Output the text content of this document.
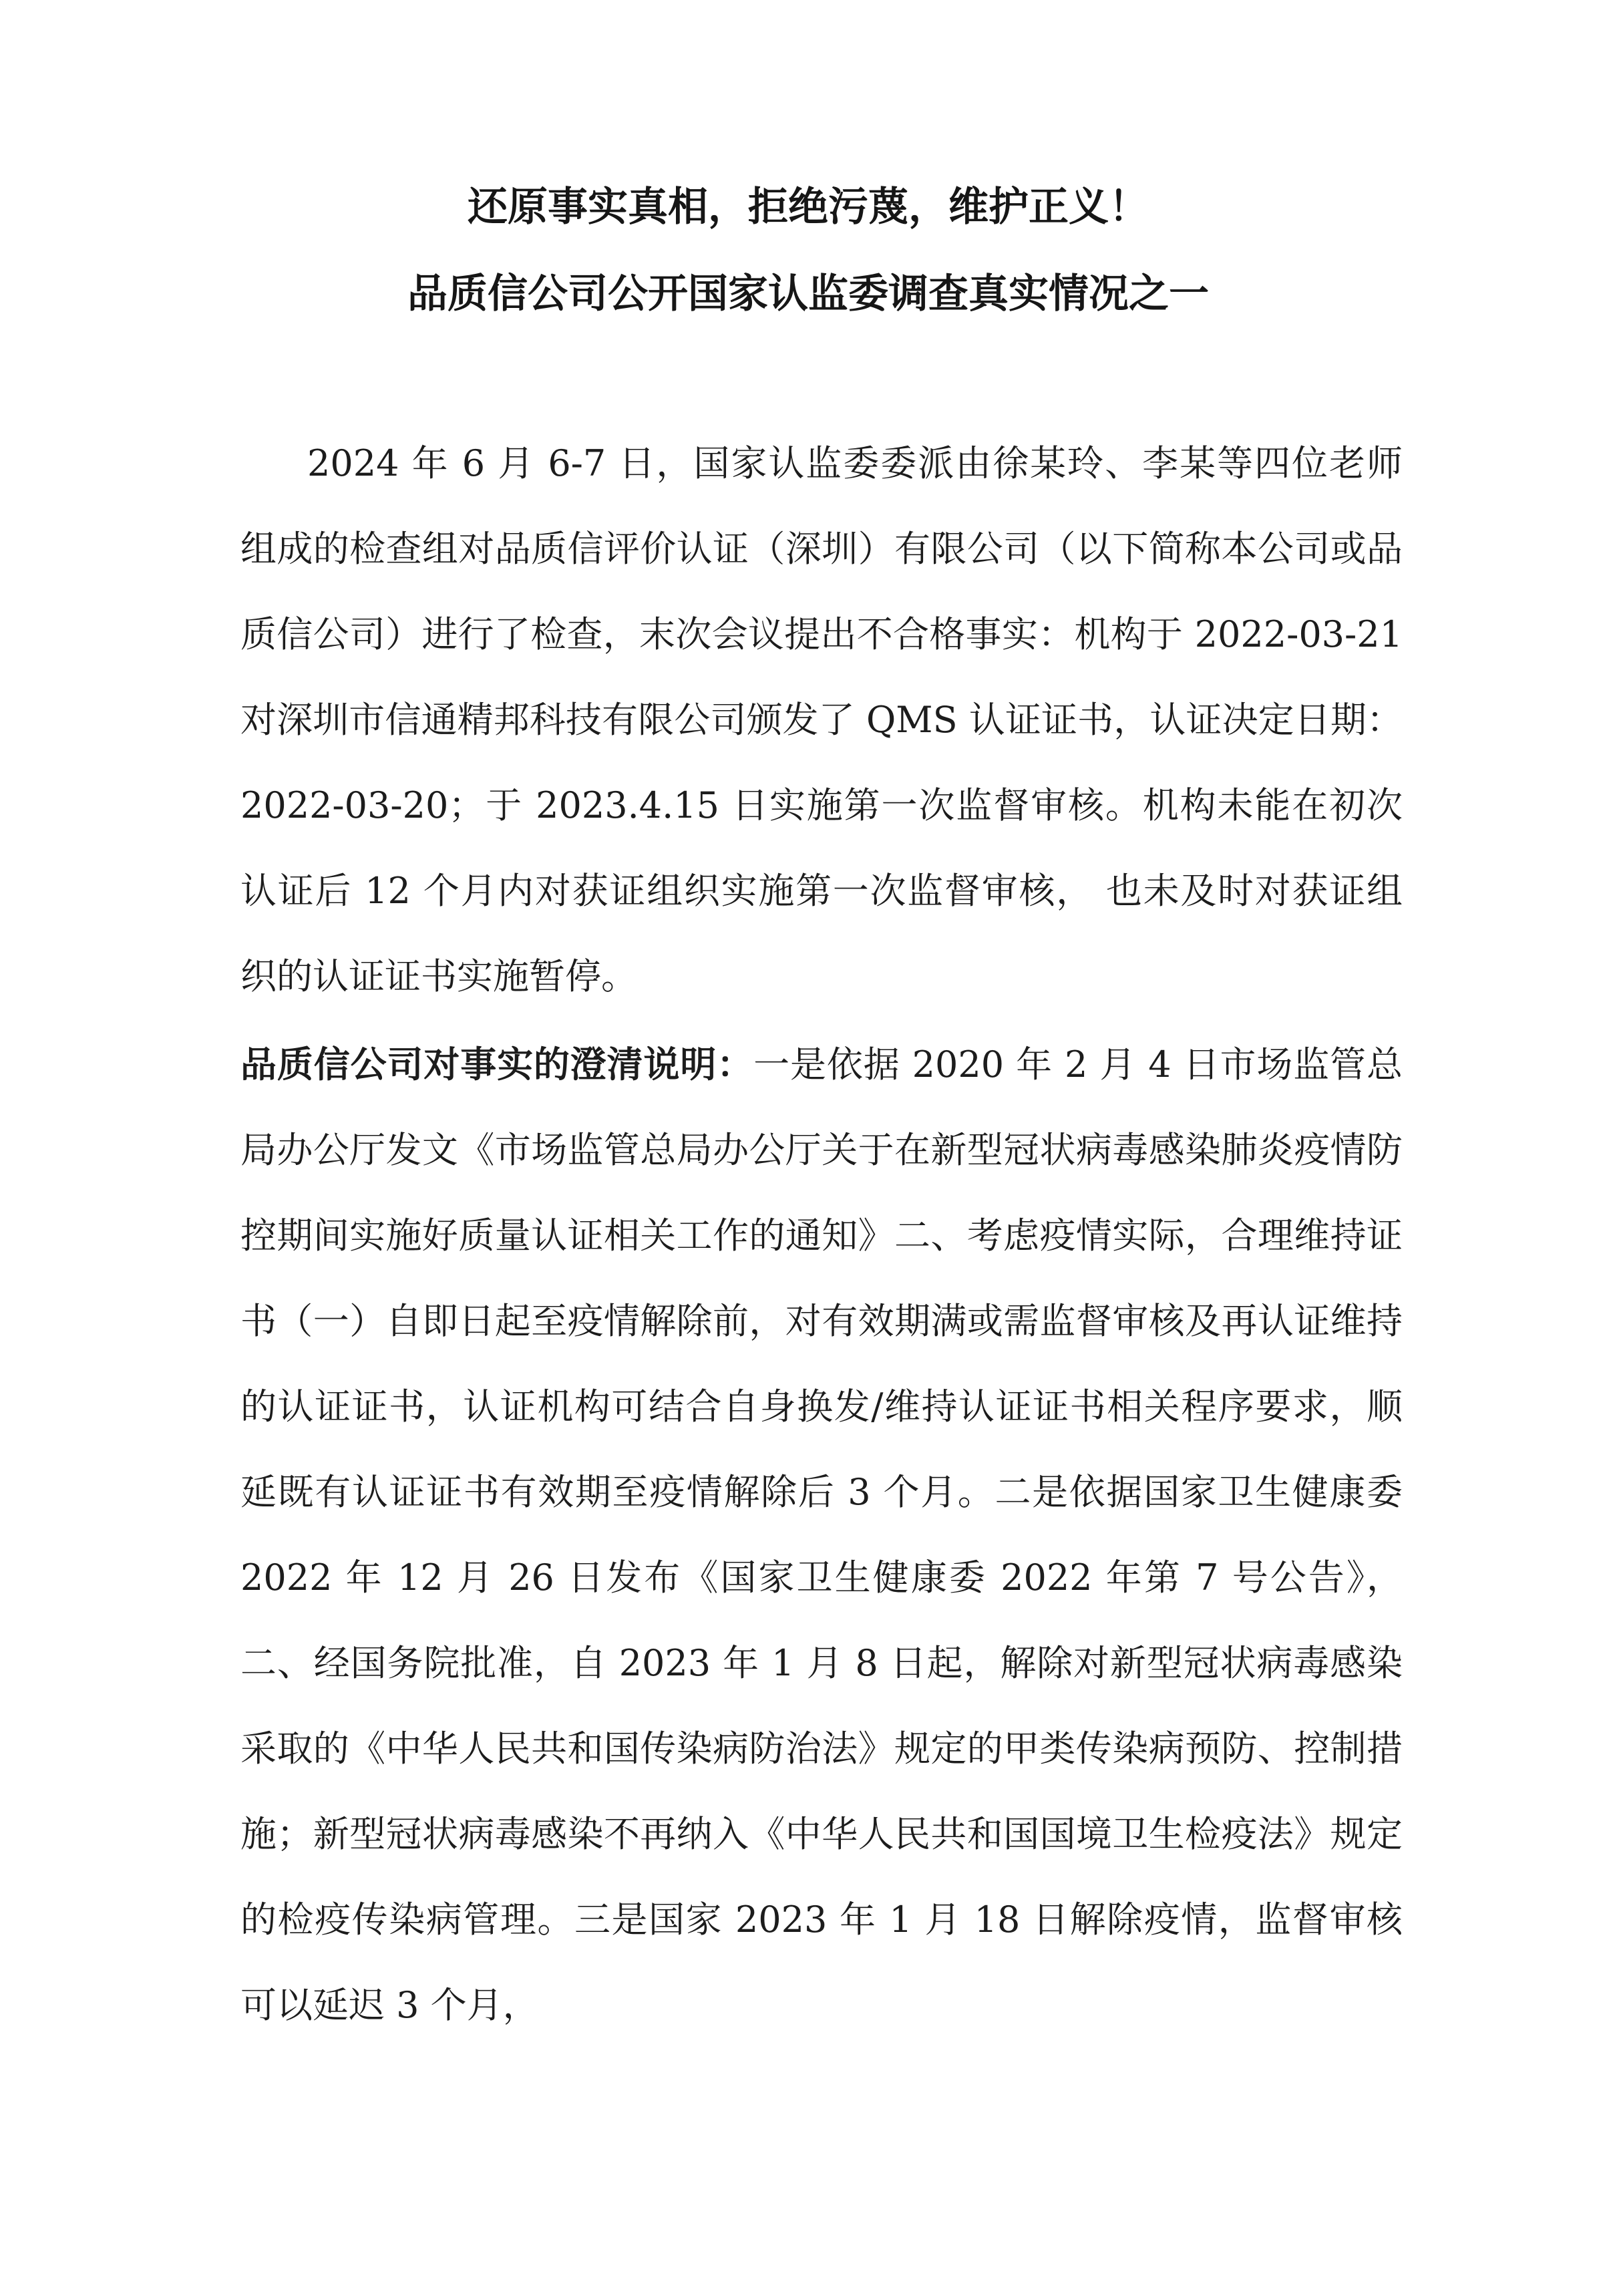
还原事实真相，拒绝污蔑，维护正义！
品质信公司公开国家认监委调查真实情况之一
2024 年 6 月 6-7 日，国家认监委委派由徐某玲、李某等四位老师组成的检查组对品质信评价认证（深圳）有限公司（以下简称本公司或品质信公司）进行了检查，末次会议提出不合格事实：机构于 2022-03-21 对深圳市信通精邦科技有限公司颁发了 QMS 认证证书，认证决定日期：2022-03-20；于 2023.4.15 日实施第一次监督审核。机构未能在初次认证后 12 个月内对获证组织实施第一次监督审核， 也未及时对获证组织的认证证书实施暂停。
品质信公司对事实的澄清说明：一是依据 2020 年 2 月 4 日市场监管总局办公厅发文《市场监管总局办公厅关于在新型冠状病毒感染肺炎疫情防控期间实施好质量认证相关工作的通知》二、考虑疫情实际，合理维持证书（一）自即日起至疫情解除前，对有效期满或需监督审核及再认证维持的认证证书，认证机构可结合自身换发/维持认证证书相关程序要求，顺延既有认证证书有效期至疫情解除后 3 个月。二是依据国家卫生健康委 2022 年 12 月 26 日发布《国家卫生健康委 2022 年第 7 号公告》，二、经国务院批准，自 2023 年 1 月 8 日起，解除对新型冠状病毒感染采取的《中华人民共和国传染病防治法》规定的甲类传染病预防、控制措施；新型冠状病毒感染不再纳入《中华人民共和国国境卫生检疫法》规定的检疫传染病管理。三是国家 2023 年 1 月 18 日解除疫情，监督审核可以延迟 3 个月，
